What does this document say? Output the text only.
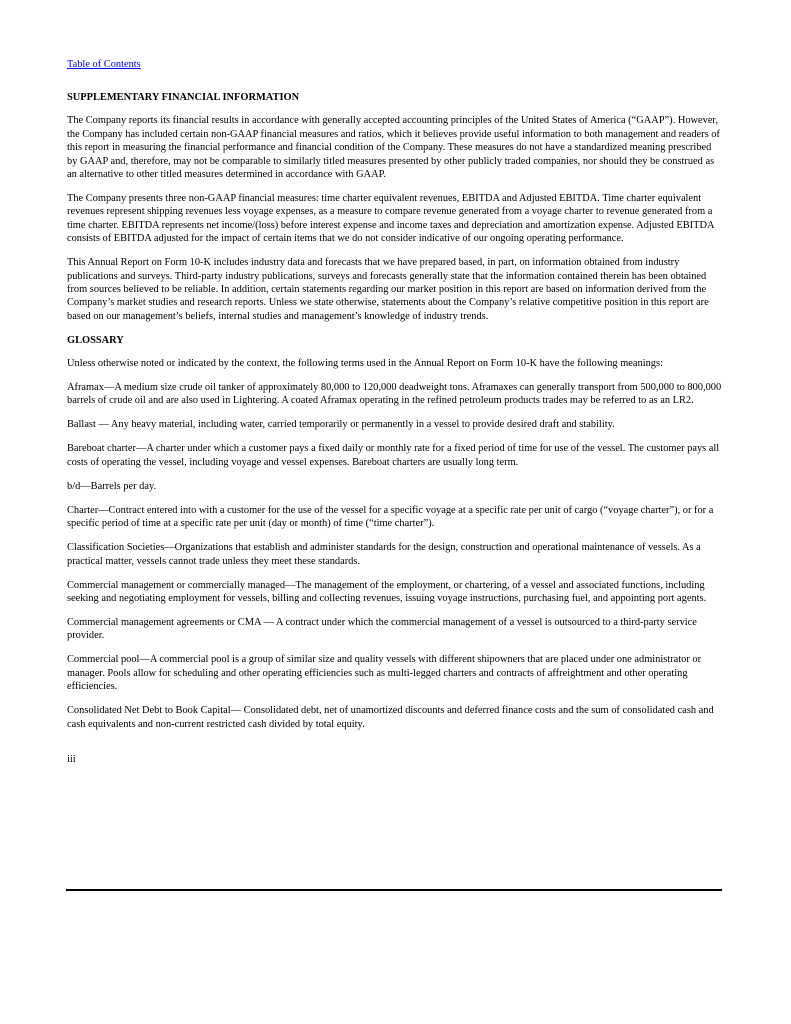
Table of Contents
SUPPLEMENTARY FINANCIAL INFORMATION

The Company reports its financial results in accordance with generally accepted accounting principles of the United States of America (“GAAP”). However, the Company has included certain non-GAAP financial measures and ratios, which it believes provide useful information to both management and readers of this report in measuring the financial performance and financial condition of the Company. These measures do not have a standardized meaning prescribed by GAAP and, therefore, may not be comparable to similarly titled measures presented by other publicly traded companies, nor should they be construed as an alternative to other titled measures determined in accordance with GAAP.

The Company presents three non-GAAP financial measures: time charter equivalent revenues, EBITDA and Adjusted EBITDA. Time charter equivalent revenues represent shipping revenues less voyage expenses, as a measure to compare revenue generated from a voyage charter to revenue generated from a time charter. EBITDA represents net income/(loss) before interest expense and income taxes and depreciation and amortization expense. Adjusted EBITDA consists of EBITDA adjusted for the impact of certain items that we do not consider indicative of our ongoing operating performance.

This Annual Report on Form 10-K includes industry data and forecasts that we have prepared based, in part, on information obtained from industry publications and surveys. Third-party industry publications, surveys and forecasts generally state that the information contained therein has been obtained from sources believed to be reliable. In addition, certain statements regarding our market position in this report are based on information derived from the Company’s market studies and research reports. Unless we state otherwise, statements about the Company’s relative competitive position in this report are based on our management’s beliefs, internal studies and management’s knowledge of industry trends.

GLOSSARY

Unless otherwise noted or indicated by the context, the following terms used in the Annual Report on Form 10-K have the following meanings:

Aframax—A medium size crude oil tanker of approximately 80,000 to 120,000 deadweight tons. Aframaxes can generally transport from 500,000 to 800,000 barrels of crude oil and are also used in Lightering. A coated Aframax operating in the refined petroleum products trades may be referred to as an LR2.

Ballast — Any heavy material, including water, carried temporarily or permanently in a vessel to provide desired draft and stability.

Bareboat charter—A charter under which a customer pays a fixed daily or monthly rate for a fixed period of time for use of the vessel. The customer pays all costs of operating the vessel, including voyage and vessel expenses. Bareboat charters are usually long term.

b/d—Barrels per day.

Charter—Contract entered into with a customer for the use of the vessel for a specific voyage at a specific rate per unit of cargo (“voyage charter”), or for a specific period of time at a specific rate per unit (day or month) of time (“time charter”).

Classification Societies—Organizations that establish and administer standards for the design, construction and operational maintenance of vessels. As a practical matter, vessels cannot trade unless they meet these standards.

Commercial management or commercially managed—The management of the employment, or chartering, of a vessel and associated functions, including seeking and negotiating employment for vessels, billing and collecting revenues, issuing voyage instructions, purchasing fuel, and appointing port agents.

Commercial management agreements or CMA — A contract under which the commercial management of a vessel is outsourced to a third-party service provider.

Commercial pool—A commercial pool is a group of similar size and quality vessels with different shipowners that are placed under one administrator or manager. Pools allow for scheduling and other operating efficiencies such as multi-legged charters and contracts of affreightment and other operating efficiencies.

Consolidated Net Debt to Book Capital— Consolidated debt, net of unamortized discounts and deferred finance costs and the sum of consolidated cash and cash equivalents and non-current restricted cash divided by total equity.

iii
